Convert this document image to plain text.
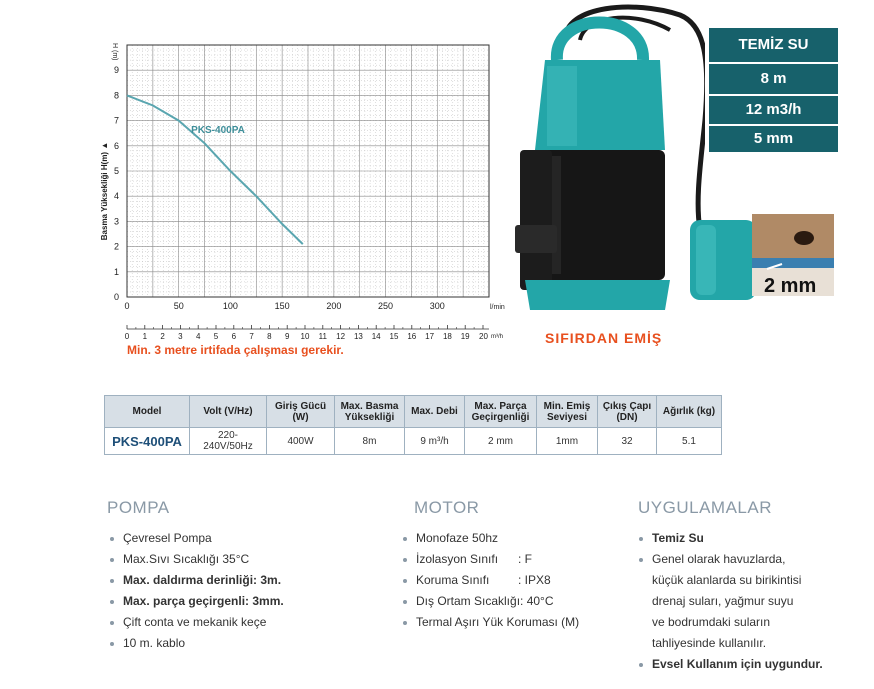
0
1
2
3
4
5
6
7
8
9
H (m)
Basma Yüksekliği H(m) ▲
0	50	100	150	200	250	300	l/min
0 1 2 3 4 5 6 7 8 9 10 11 12 13 14 15 16 17 18 19 20 m³/h
PKS-400PA
Min. 3 metre irtifada çalışması gerekir.
2 mm
SIFIRDAN EMİŞ
TEMİZ SU
8 m
12 m3/h
5 mm
Model	Volt (V/Hz)	Giriş Gücü (W)	Max. Basma Yüksekliği	Max. Debi	Max. Parça Geçirgenliği	Min. Emiş Seviyesi	Çıkış Çapı (DN)	Ağırlık (kg)
PKS-400PA	220-240V/50Hz	400W	8m	9 m³/h	2 mm	1mm	32	5.1
POMPA
Çevresel Pompa
Max.Sıvı Sıcaklığı 35°C
Max. daldırma derinliği: 3m.
Max. parça geçirgenli: 3mm.
Çift conta ve mekanik keçe
10 m. kablo
MOTOR
Monofaze 50hz
İzolasyon Sınıfı : F
Koruma Sınıfı : IPX8
Dış Ortam Sıcaklığı: 40°C
Termal Aşırı Yük Koruması (M)
UYGULAMALAR
Temiz Su
Genel olarak havuzlarda,
küçük alanlarda su birikintisi
drenaj suları, yağmur suyu
ve bodrumdaki suların
tahliyesinde kullanılır.
Evsel Kullanım için uygundur.
